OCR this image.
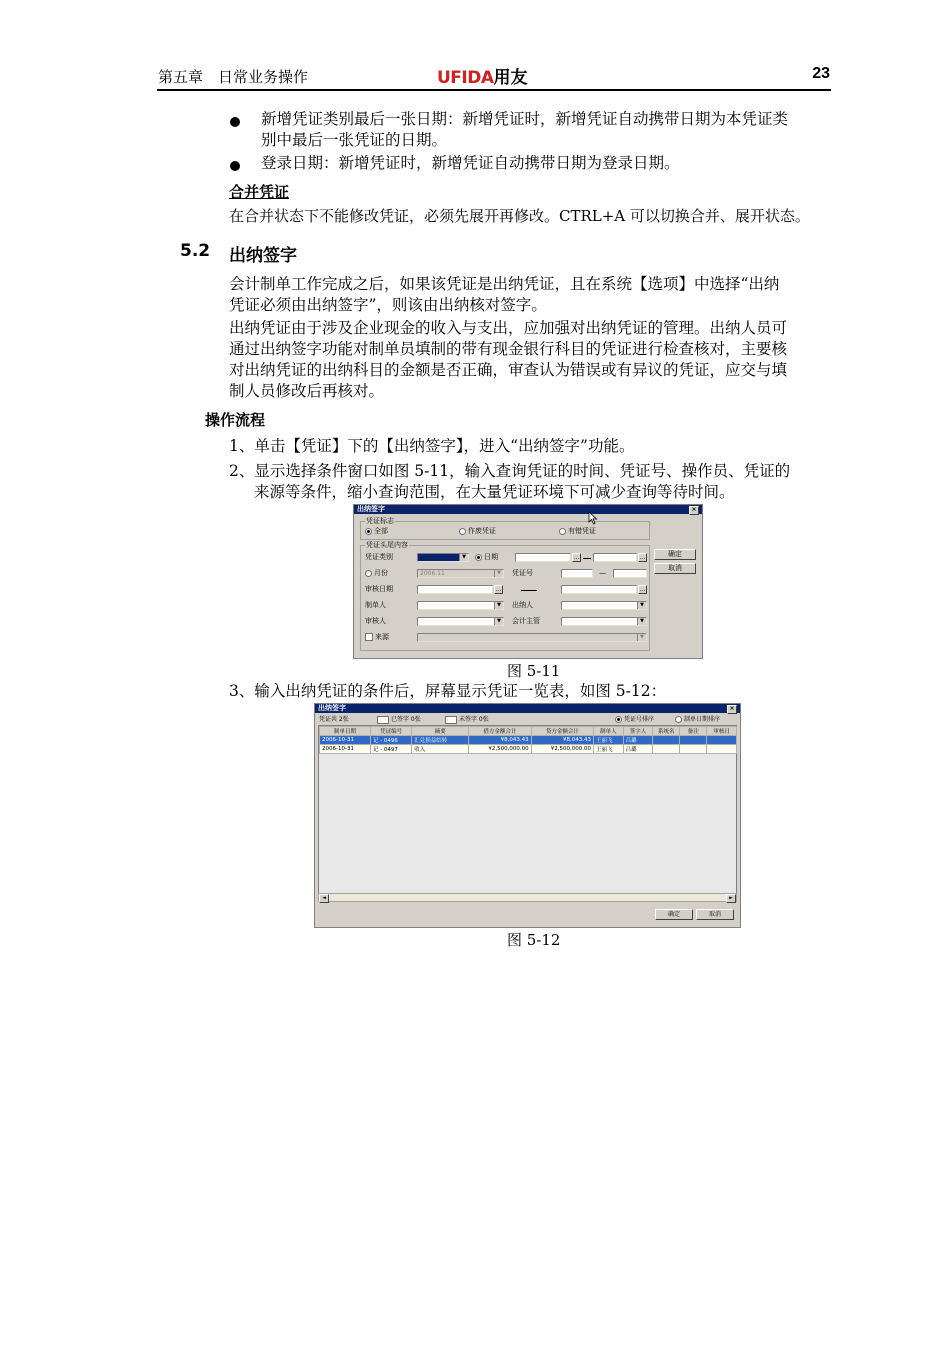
第五章　日常业务操作	UFIDA用友	23
新增凭证类别最后一张日期：新增凭证时，新增凭证自动携带日期为本凭证类
别中最后一张凭证的日期。
登录日期：新增凭证时，新增凭证自动携带日期为登录日期。
合并凭证
在合并状态下不能修改凭证，必须先展开再修改。CTRL+A 可以切换合并、展开状态。
5.2 出纳签字
会计制单工作完成之后，如果该凭证是出纳凭证，且在系统【选项】中选择“出纳
凭证必须由出纳签字”，则该由出纳核对签字。
出纳凭证由于涉及企业现金的收入与支出，应加强对出纳凭证的管理。出纳人员可
通过出纳签字功能对制单员填制的带有现金银行科目的凭证进行检查核对，主要核
对出纳凭证的出纳科目的金额是否正确，审查认为错误或有异议的凭证，应交与填
制人员修改后再核对。
操作流程
1、单击【凭证】下的【出纳签字】，进入“出纳签字”功能。
2、显示选择条件窗口如图 5-11，输入查询凭证的时间、凭证号、操作员、凭证的
来源等条件，缩小查询范围，在大量凭证环境下可减少查询等待时间。
出纳签字	×
凭证标志
全部	作废凭证	有错凭证
凭证头尾内容
凭证类别	▼	日期	…	…
月份	2006.11	▼ 凭证号	—
审核日期	…	…
制单人	▼ 出纳人	▼
审核人	▼ 会计主管	▼
来源	▼
确定
取消
图 5-11
3、输入出纳凭证的条件后，屏幕显示凭证一览表，如图 5-12：
出纳签字	×
凭证共 2张	已签字 0张	未签字 0张	凭证号排序	制单日期排序
制单日期	凭证编号	摘要	借方金额合计	贷方金额合计	制单人	签字人	系统名	备注	审核日
2006-10-31	记 - 0496	汇兑损益结转	¥8,043.43	¥8,043.43	王丽飞	吕璐			
2006-10-31	记 - 0497	收入	¥2,500,000.00	¥2,500,000.00	王丽飞	吕璐			
◄	►
确定	取消
图 5-12
